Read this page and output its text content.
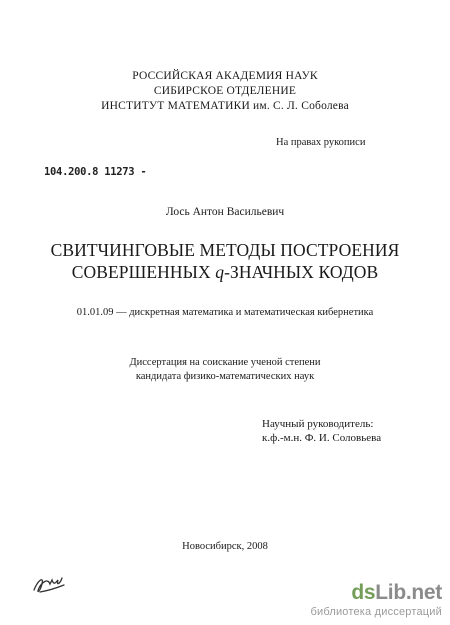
РОССИЙСКАЯ АКАДЕМИЯ НАУК
СИБИРСКОЕ ОТДЕЛЕНИЕ
ИНСТИТУТ МАТЕМАТИКИ им. С. Л. Соболева
На правах рукописи
104.200.8 11273 -
Лось Антон Васильевич
СВИТЧИНГОВЫЕ МЕТОДЫ ПОСТРОЕНИЯ
СОВЕРШЕННЫХ q-ЗНАЧНЫХ КОДОВ
01.01.09 — дискретная математика и математическая кибернетика
Диссертация на соискание ученой степени
кандидата физико-математических наук
Научный руководитель:
к.ф.-м.н. Ф. И. Соловьева
Новосибирск, 2008
dsLib.net
библиотека диссертаций
